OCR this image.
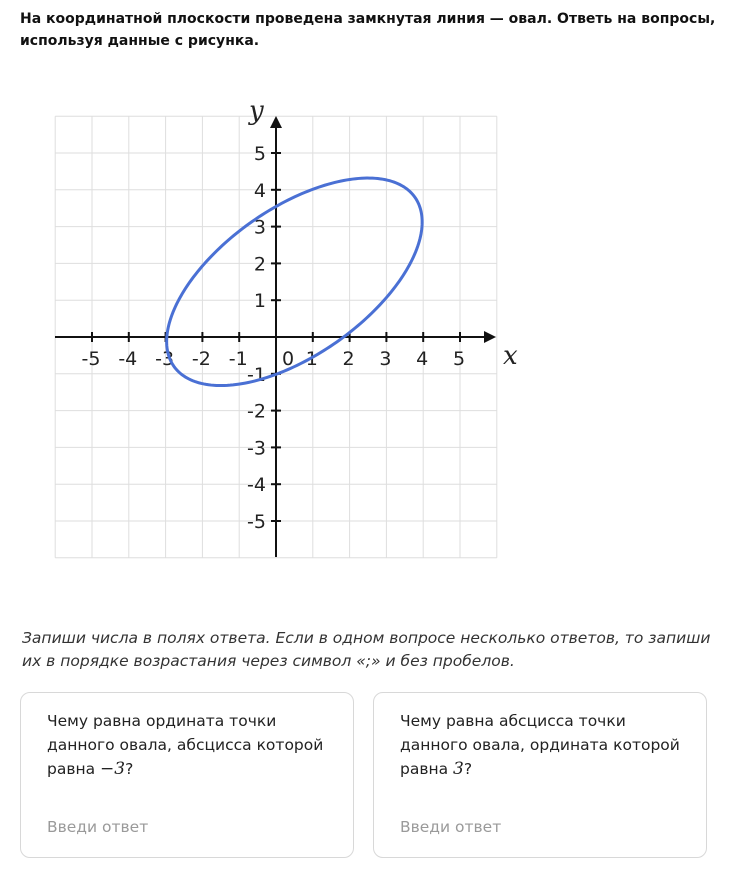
На координатной плоскости проведена замкнутая линия — овал. Ответь на вопросы, используя данные с рисунка.

-5 -4 -3 -2 -1 0 1 2 3 4 5
5
4
3
2
1
-1
-2
-3
-4
-5
x
y

Запиши числа в полях ответа. Если в одном вопросе несколько ответов, то запиши их в порядке возрастания через символ «;» и без пробелов.

Чему равна ордината точки данного овала, абсцисса которой равна −3?
Введи ответ
Чему равна абсцисса точки данного овала, ордината которой равна 3?
Введи ответ
